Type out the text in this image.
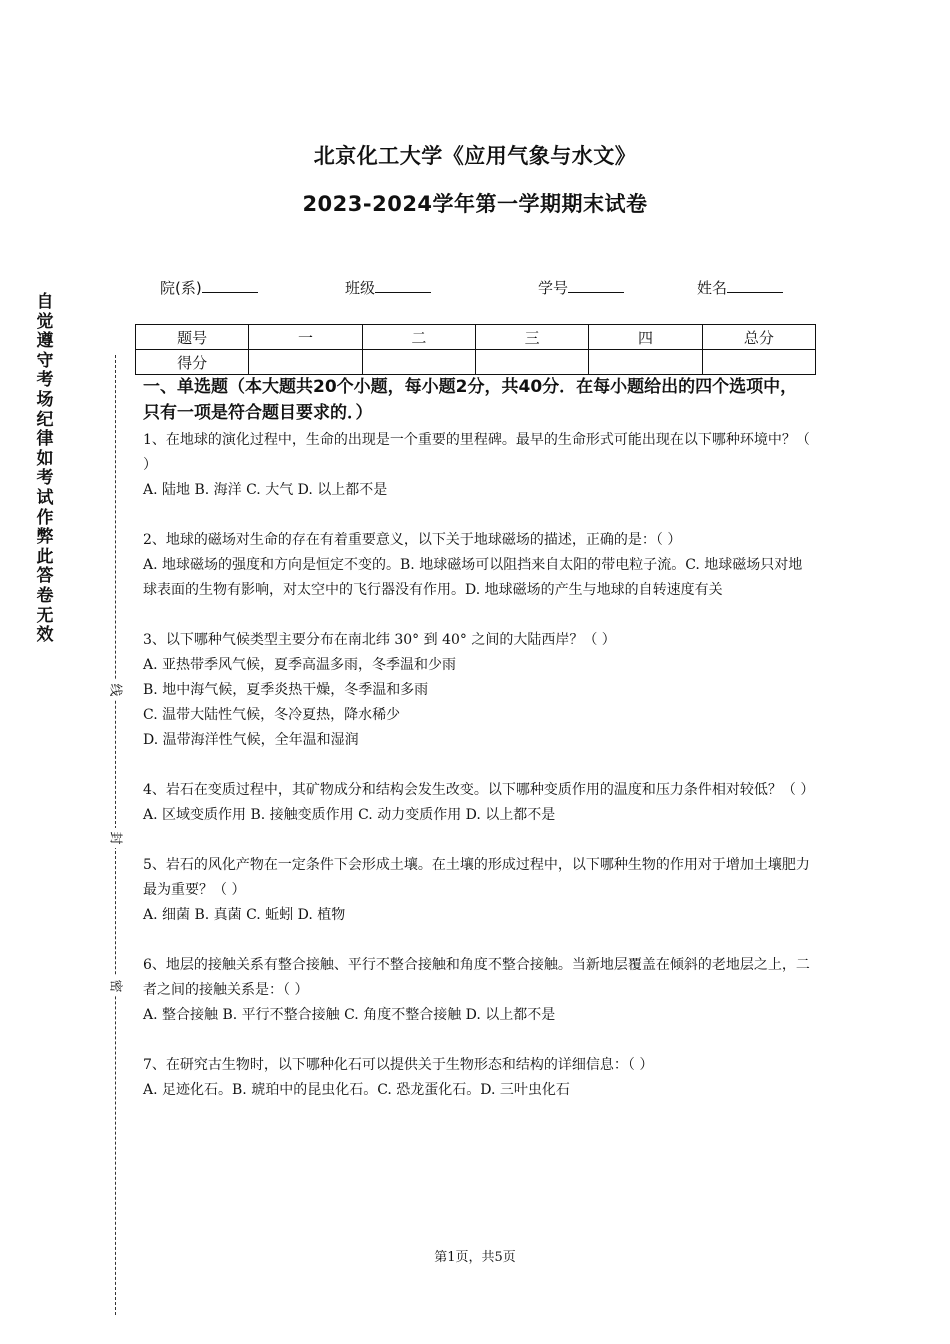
北京化工大学《应用气象与水文》
2023-2024学年第一学期期末试卷
院(系)	班级	学号	姓名
题号	一	二	三	四	总分
得分					
自觉遵守考场纪律如考试作弊此答卷无效
线
封
密
一、单选题（本大题共20个小题，每小题2分，共40分．在每小题给出的四个选项中，只有一项是符合题目要求的．）
1、在地球的演化过程中，生命的出现是一个重要的里程碑。最早的生命形式可能出现在以下哪种环境中？（ ）
A. 陆地 B. 海洋 C. 大气 D. 以上都不是
2、地球的磁场对生命的存在有着重要意义，以下关于地球磁场的描述，正确的是：（ ）
A. 地球磁场的强度和方向是恒定不变的。B. 地球磁场可以阻挡来自太阳的带电粒子流。C. 地球磁场只对地球表面的生物有影响，对太空中的飞行器没有作用。D. 地球磁场的产生与地球的自转速度有关
3、以下哪种气候类型主要分布在南北纬 30° 到 40° 之间的大陆西岸？（ ）
A. 亚热带季风气候，夏季高温多雨，冬季温和少雨
B. 地中海气候，夏季炎热干燥，冬季温和多雨
C. 温带大陆性气候，冬冷夏热，降水稀少
D. 温带海洋性气候，全年温和湿润
4、岩石在变质过程中，其矿物成分和结构会发生改变。以下哪种变质作用的温度和压力条件相对较低？（ ）
A. 区域变质作用 B. 接触变质作用 C. 动力变质作用 D. 以上都不是
5、岩石的风化产物在一定条件下会形成土壤。在土壤的形成过程中，以下哪种生物的作用对于增加土壤肥力最为重要？（ ）
A. 细菌 B. 真菌 C. 蚯蚓 D. 植物
6、地层的接触关系有整合接触、平行不整合接触和角度不整合接触。当新地层覆盖在倾斜的老地层之上，二者之间的接触关系是：（ ）
A. 整合接触 B. 平行不整合接触 C. 角度不整合接触 D. 以上都不是
7、在研究古生物时，以下哪种化石可以提供关于生物形态和结构的详细信息：（ ）
A. 足迹化石。B. 琥珀中的昆虫化石。C. 恐龙蛋化石。D. 三叶虫化石
第1页，共5页
